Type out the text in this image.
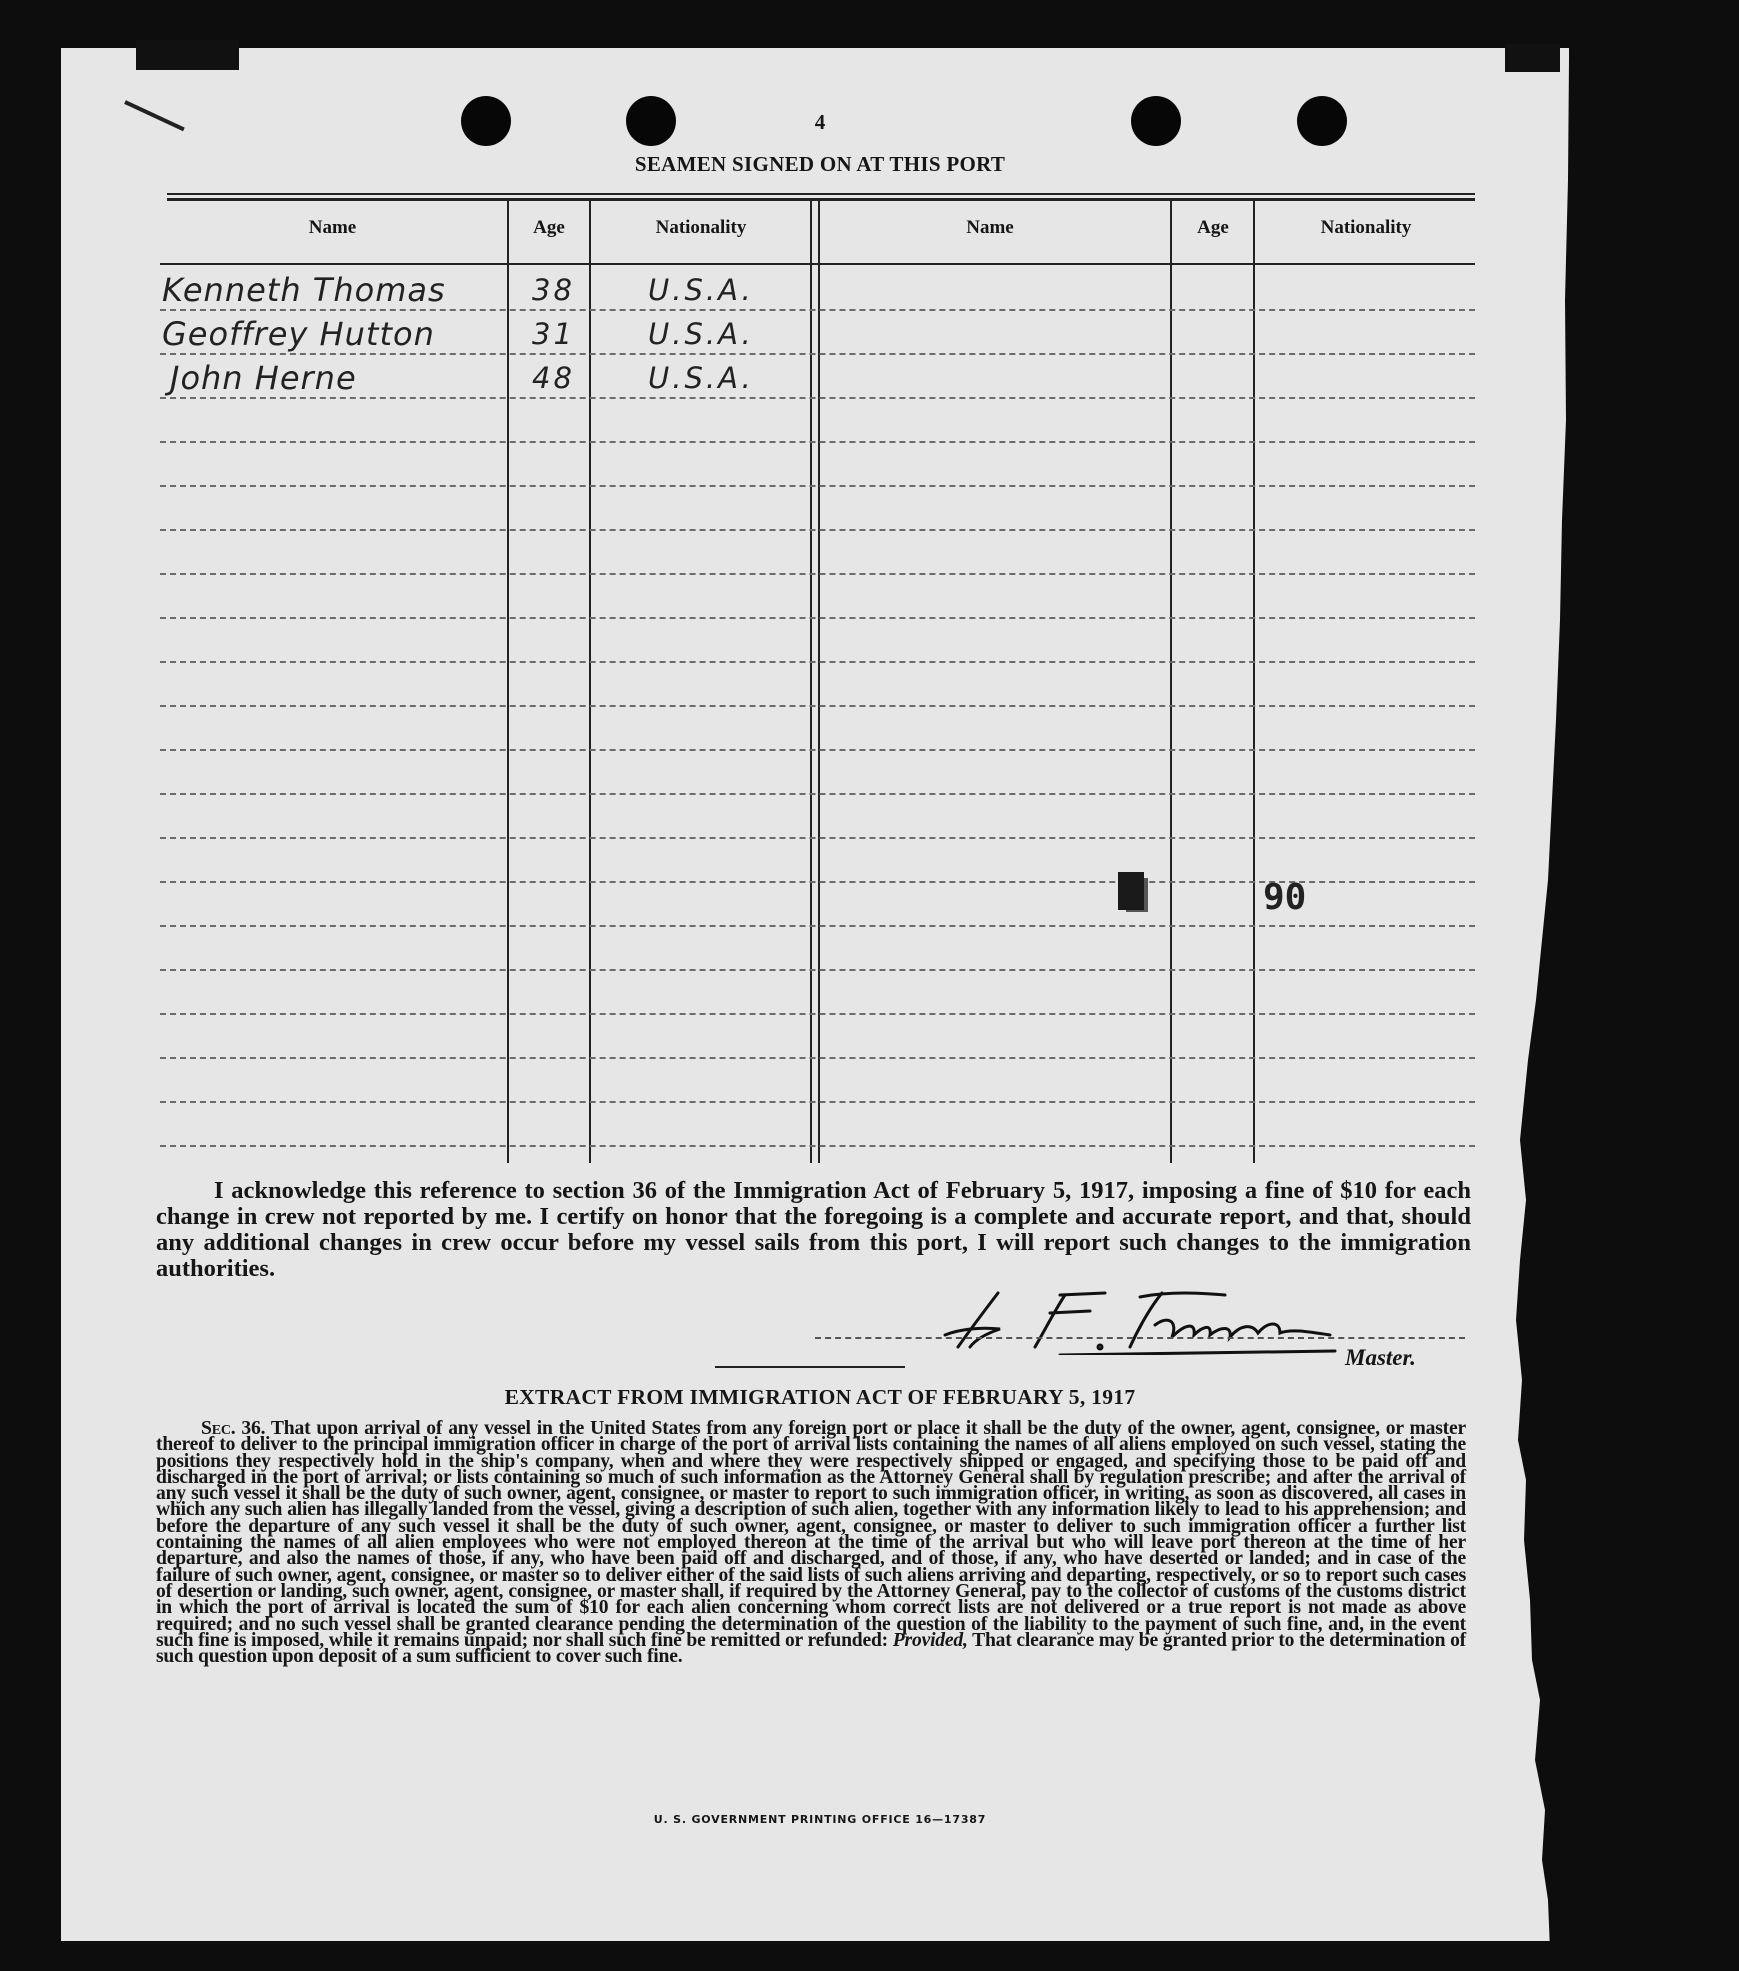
4
SEAMEN SIGNED ON AT THIS PORT
Name	Age	Nationality	Name	Age	Nationality
Kenneth Thomas	38	U.S.A.
Geoffrey Hutton	31	U.S.A.
John Herne	48	U.S.A.
90
I acknowledge this reference to section 36 of the Immigration Act of February 5, 1917, imposing a fine of $10 for each change in crew not reported by me. I certify on honor that the foregoing is a complete and accurate report, and that, should any additional changes in crew occur before my vessel sails from this port, I will report such changes to the immigration authorities.
Master.
EXTRACT FROM IMMIGRATION ACT OF FEBRUARY 5, 1917
Sec. 36. That upon arrival of any vessel in the United States from any foreign port or place it shall be the duty of the owner, agent, consignee, or master thereof to deliver to the principal immigration officer in charge of the port of arrival lists containing the names of all aliens employed on such vessel, stating the positions they respectively hold in the ship's company, when and where they were respectively shipped or engaged, and specifying those to be paid off and discharged in the port of arrival; or lists containing so much of such information as the Attorney General shall by regulation prescribe; and after the arrival of any such vessel it shall be the duty of such owner, agent, consignee, or master to report to such immigration officer, in writing, as soon as discovered, all cases in which any such alien has illegally landed from the vessel, giving a description of such alien, together with any information likely to lead to his apprehension; and before the departure of any such vessel it shall be the duty of such owner, agent, consignee, or master to deliver to such immigration officer a further list containing the names of all alien employees who were not employed thereon at the time of the arrival but who will leave port thereon at the time of her departure, and also the names of those, if any, who have been paid off and discharged, and of those, if any, who have deserted or landed; and in case of the failure of such owner, agent, consignee, or master so to deliver either of the said lists of such aliens arriving and departing, respectively, or so to report such cases of desertion or landing, such owner, agent, consignee, or master shall, if required by the Attorney General, pay to the collector of customs of the customs district in which the port of arrival is located the sum of $10 for each alien concerning whom correct lists are not delivered or a true report is not made as above required; and no such vessel shall be granted clearance pending the determination of the question of the liability to the payment of such fine, and, in the event such fine is imposed, while it remains unpaid; nor shall such fine be remitted or refunded: Provided, That clearance may be granted prior to the determination of such question upon deposit of a sum sufficient to cover such fine.
U. S. GOVERNMENT PRINTING OFFICE 16—17387
